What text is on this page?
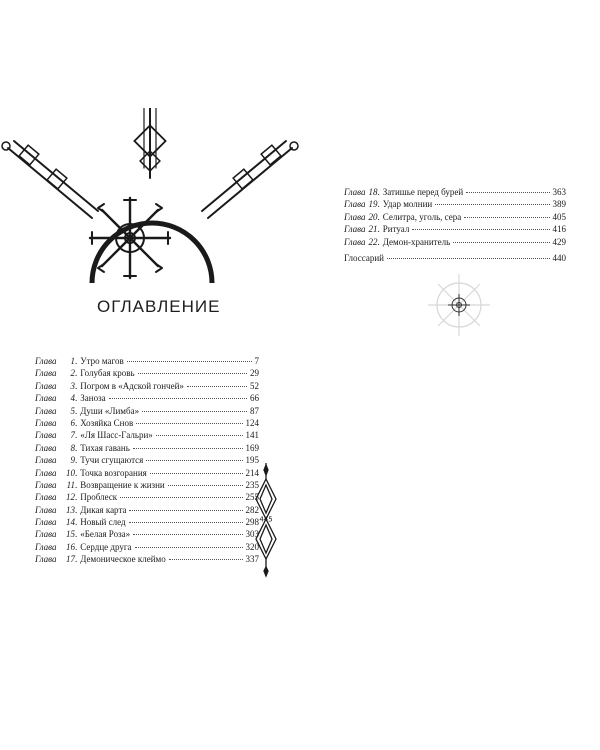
ОГЛАВЛЕНИЕ
Глава	1 . Утро магов	7
Глава	2 . Голубая кровь	29
Глава	3 . Погром в «Адской гончей»	52
Глава	4 . Заноза	66
Глава	5 . Души «Лимба»	87
Глава	6 . Хозяйка Снов	124
Глава	7 . «Ля Шасс-Гальри»	141
Глава	8 . Тихая гавань	169
Глава	9 . Тучи сгущаются	195
Глава	10 . Точка возгорания	214
Глава	11 . Возвращение к жизни	235
Глава	12 . Проблеск	255
Глава	13 . Дикая карта	282
Глава	14 . Новый след	298
Глава	15 . «Белая Роза»	303
Глава	16 . Сердце друга	320
Глава	17 . Демоническое клеймо	337
Глава 18 . Затишье перед бурей	363
Глава 19 . Удар молнии	389
Глава 20 . Селитра, уголь, сера	405
Глава 21 . Ритуал	416
Глава 22 . Демон-хранитель	429
Глоссарий	440
445
